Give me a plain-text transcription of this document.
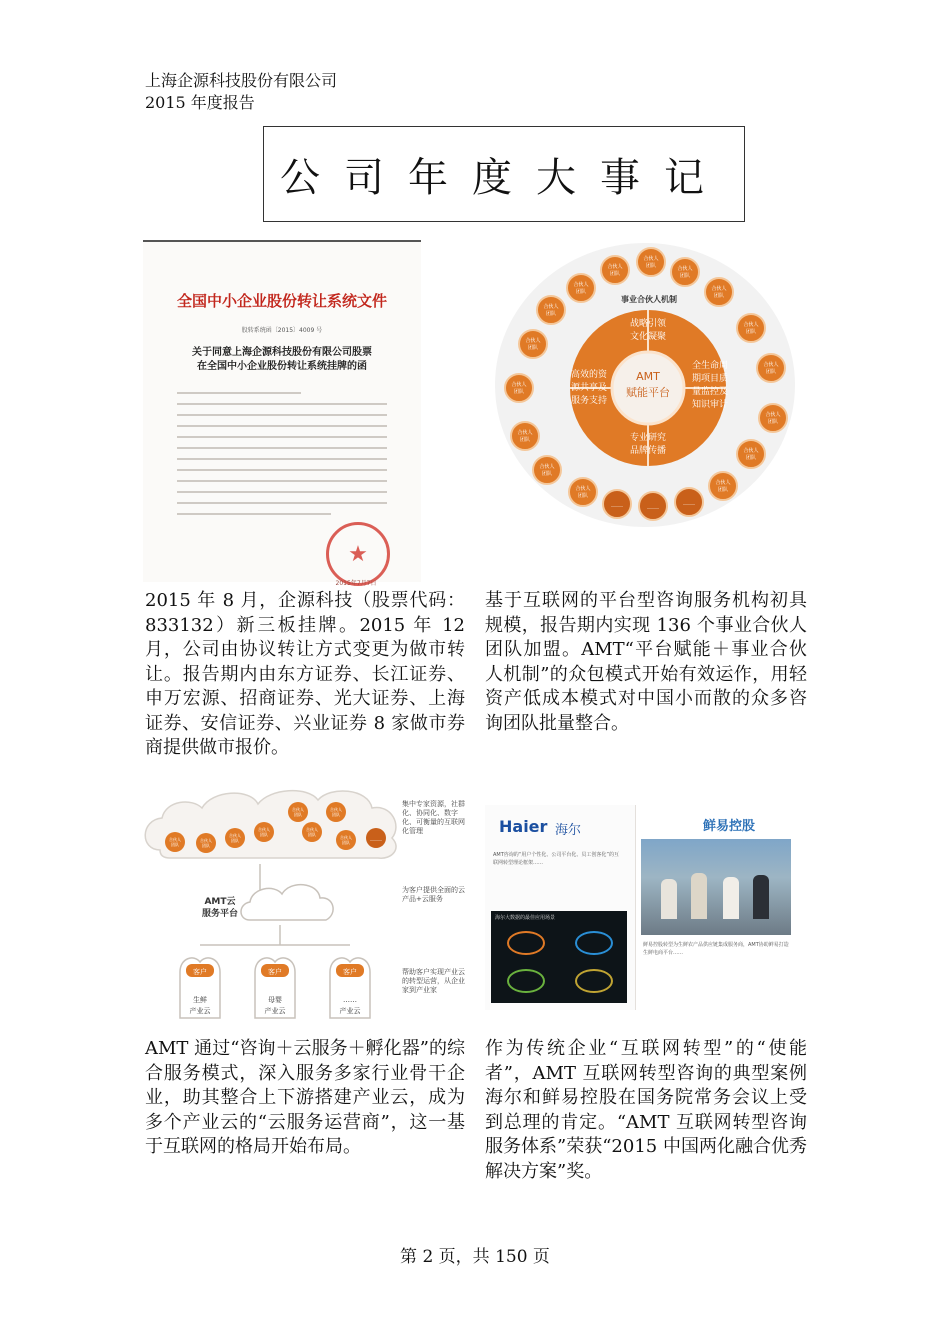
上海企源科技股份有限公司
2015 年度报告
公司年度大事记
全国中小企业股份转让系统文件
股转系统函〔2015〕4009 号
关于同意上海企源科技股份有限公司股票
在全国中小企业股份转让系统挂牌的函
★
2015年7月7日
合伙人
团队
合伙人
团队
合伙人
团队	合伙人
团队
合伙人
团队
合伙人
团队
合伙人
团队
合伙人
团队
合伙人
团队
合伙人
团队
……
……
……
合伙人
团队
合伙人
团队
合伙人
团队
合伙人
团队
合伙人
团队
合伙人
团队
事业合伙人机制
AMT
赋能平台
战略引领
文化凝聚
全生命周
期项目质
量监控及
知识审计
专业研究
品牌传播
高效的资
源共享及
服务支持
2015 年 8 月，企源科技（股票代码：833132）新三板挂牌。2015 年 12 月，公司由协议转让方式变更为做市转让。报告期内由东方证券、长江证券、申万宏源、招商证券、光大证券、上海证券、安信证券、兴业证券 8 家做市券商提供做市报价。
基于互联网的平台型咨询服务机构初具规模，报告期内实现 136 个事业合伙人团队加盟。AMT“平台赋能＋事业合伙人机制”的众包模式开始有效运作，用轻资产低成本模式对中国小而散的众多咨询团队批量整合。
合伙人
团队
合伙人
团队
合伙人
团队
合伙人
团队
合伙人
团队
合伙人
团队
合伙人
团队
合伙人
团队	……
集中专家资源，社群化、协同化、数字化、可衡量的互联网化管理
AMT云
服务平台
为客户提供全面的云产品+云服务
客户
生鲜
产业云
客户
母婴
产业云
客户
……
产业云
帮助客户实现产业云的转型运营，从企业家到产业家
Haier 海尔
AMT咨询的“用户个性化、公司平台化、员工创客化”的互联网转型理论框架……
海尔大数据的最佳应用场景
鲜易控股
鲜易控股转型为生鲜农产品供应链集成服务商，AMT协助鲜易打造生鲜电商平台……
AMT 通过“咨询＋云服务＋孵化器”的综合服务模式，深入服务多家行业骨干企业，助其整合上下游搭建产业云，成为多个产业云的“云服务运营商”，这一基于互联网的格局开始布局。
作为传统企业“互联网转型”的“使能者”，AMT 互联网转型咨询的典型案例海尔和鲜易控股在国务院常务会议上受到总理的肯定。“AMT 互联网转型咨询服务体系”荣获“2015 中国两化融合优秀解决方案”奖。
第 2 页，共 150 页
